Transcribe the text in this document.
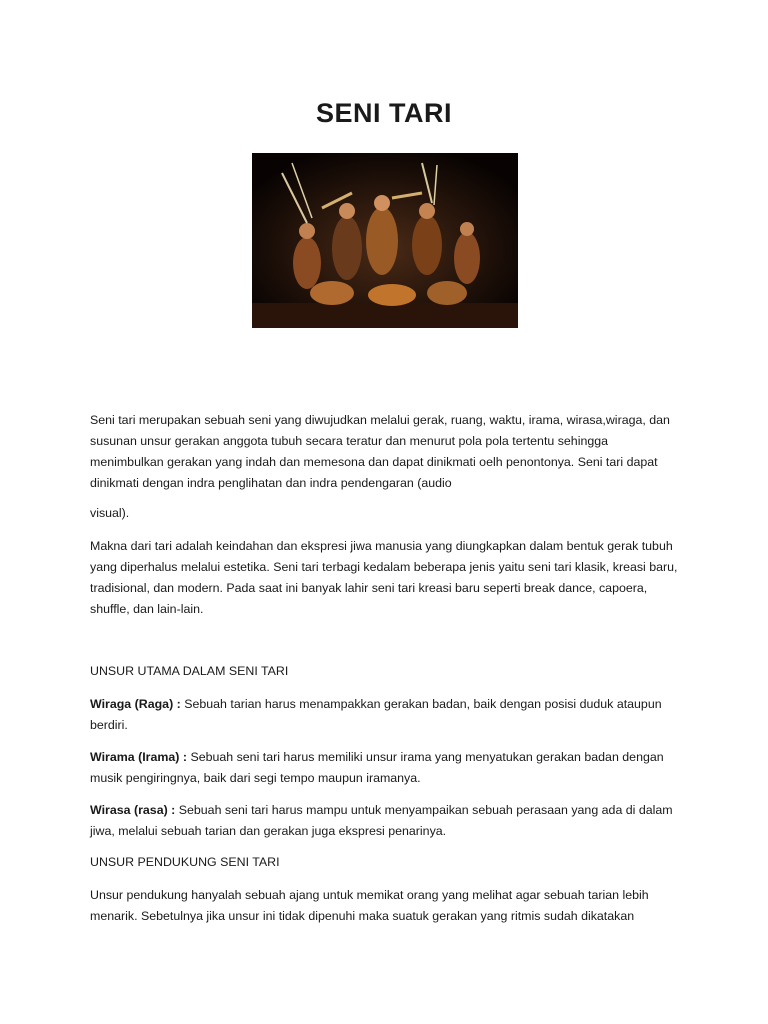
SENI TARI

Seni tari merupakan sebuah seni yang diwujudkan melalui gerak, ruang, waktu, irama, wirasa,wiraga, dan susunan unsur gerakan anggota tubuh secara teratur dan menurut pola pola tertentu sehingga menimbulkan gerakan yang indah dan memesona dan dapat dinikmati oelh penontonya. Seni tari dapat dinikmati dengan indra penglihatan dan indra pendengaran (audio

visual).

Makna dari tari adalah keindahan dan ekspresi jiwa manusia yang diungkapkan dalam bentuk gerak tubuh yang diperhalus melalui estetika. Seni tari terbagi kedalam beberapa jenis yaitu seni tari klasik, kreasi baru, tradisional, dan modern. Pada saat ini banyak lahir seni tari kreasi baru seperti break dance, capoera, shuffle, dan lain-lain.

UNSUR UTAMA DALAM SENI TARI

Wiraga (Raga) : Sebuah tarian harus menampakkan gerakan badan, baik dengan posisi duduk ataupun berdiri.

Wirama (Irama) : Sebuah seni tari harus memiliki unsur irama yang menyatukan gerakan badan dengan musik pengiringnya, baik dari segi tempo maupun iramanya.

Wirasa (rasa) : Sebuah seni tari harus mampu untuk menyampaikan sebuah perasaan yang ada di dalam jiwa, melalui sebuah tarian dan gerakan juga ekspresi penarinya.

UNSUR PENDUKUNG SENI TARI

Unsur pendukung hanyalah sebuah ajang untuk memikat orang yang melihat agar sebuah tarian lebih menarik. Sebetulnya jika unsur ini tidak dipenuhi maka suatuk gerakan yang ritmis sudah dikatakan
